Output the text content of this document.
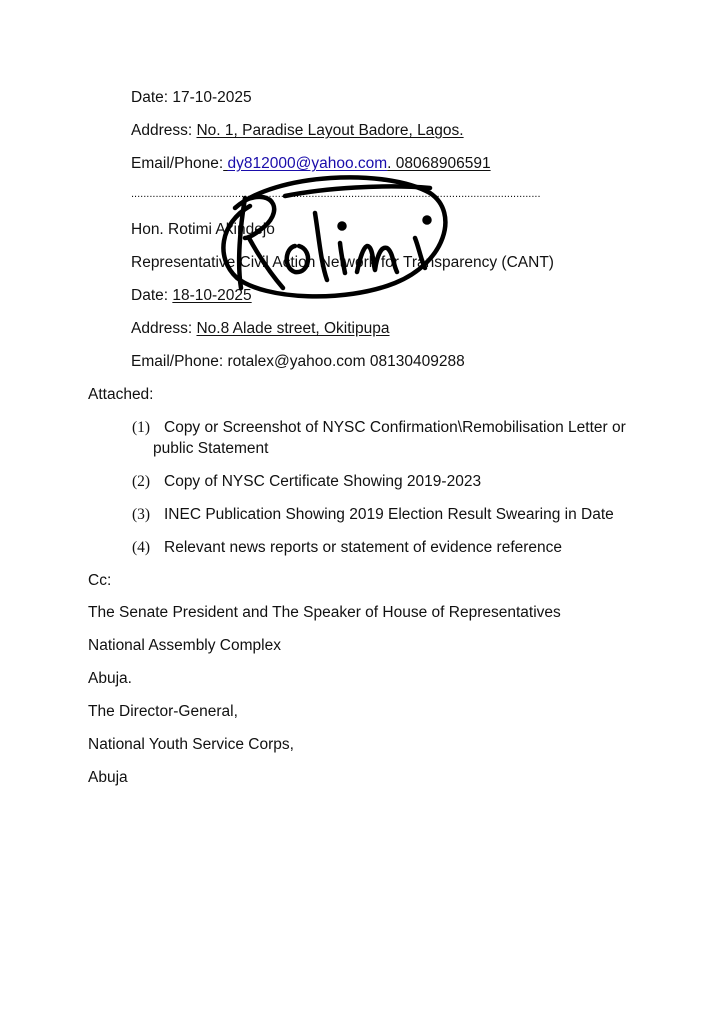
Date: 17-10-2025
Address: No. 1, Paradise Layout Badore, Lagos.
Email/Phone: dy812000@yahoo.com. 08068906591
......................................................................................................................................
Hon. Rotimi Akindejo
Representative Civil Action Network for Transparency (CANT)
Date: 18-10-2025
Address: No.8 Alade street, Okitipupa
Email/Phone: rotalex@yahoo.com 08130409288
Attached:
(1) Copy or Screenshot of NYSC Confirmation\Remobilisation Letter or
public Statement
(2) Copy of NYSC Certificate Showing 2019-2023
(3) INEC Publication Showing 2019 Election Result Swearing in Date
(4) Relevant news reports or statement of evidence reference
Cc:
The Senate President and The Speaker of House of Representatives
National Assembly Complex
Abuja.
The Director-General,
National Youth Service Corps,
Abuja
